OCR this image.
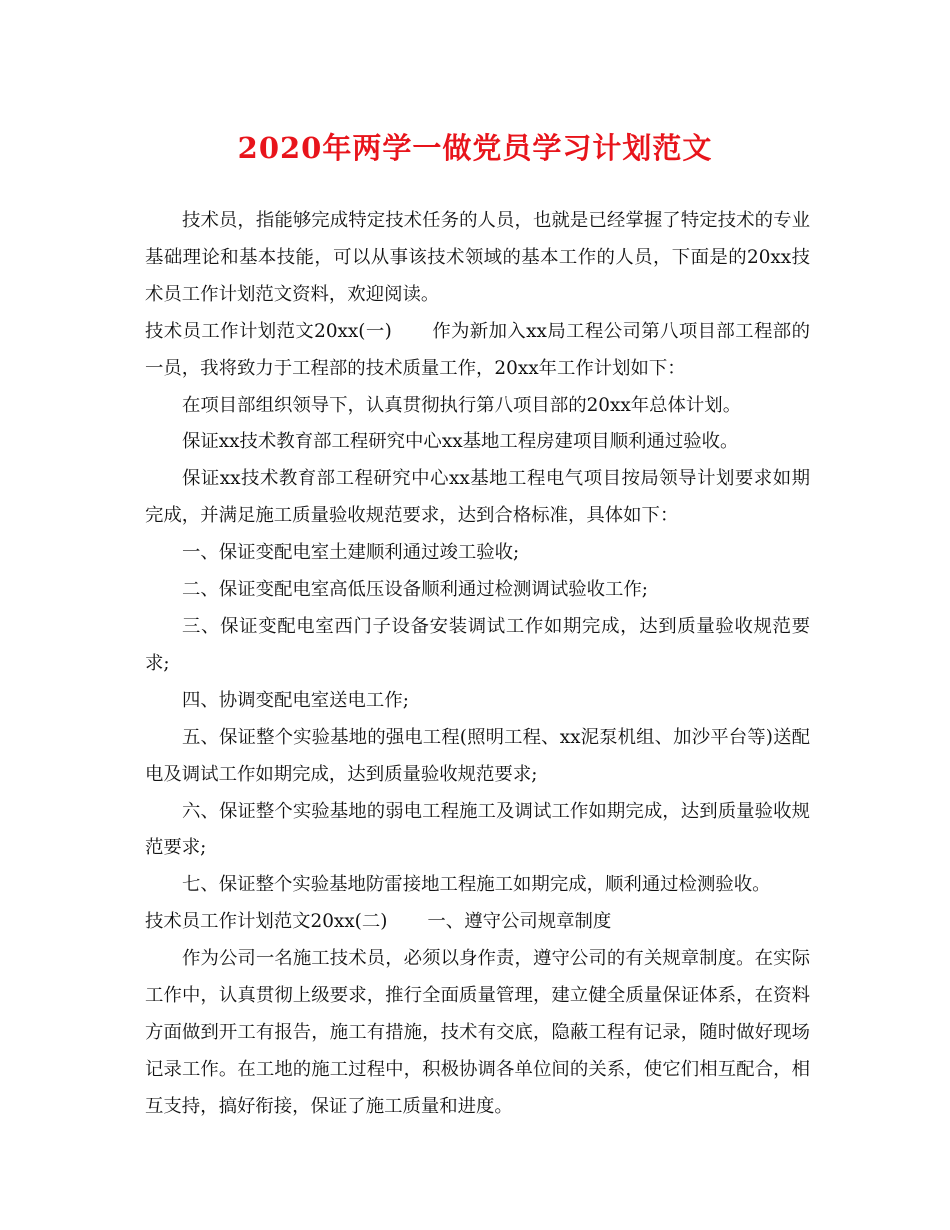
2020年两学一做党员学习计划范文

技术员，指能够完成特定技术任务的人员，也就是已经掌握了特定技术的专业基础理论和基本技能，可以从事该技术领域的基本工作的人员，下面是的20xx技术员工作计划范文资料，欢迎阅读。

技术员工作计划范文20xx(一) 作为新加入xx局工程公司第八项目部工程部的一员，我将致力于工程部的技术质量工作，20xx年工作计划如下：

在项目部组织领导下，认真贯彻执行第八项目部的20xx年总体计划。

保证xx技术教育部工程研究中心xx基地工程房建项目顺利通过验收。

保证xx技术教育部工程研究中心xx基地工程电气项目按局领导计划要求如期完成，并满足施工质量验收规范要求，达到合格标准，具体如下：

一、保证变配电室土建顺利通过竣工验收;

二、保证变配电室高低压设备顺利通过检测调试验收工作;

三、保证变配电室西门子设备安装调试工作如期完成，达到质量验收规范要求;

四、协调变配电室送电工作;

五、保证整个实验基地的强电工程(照明工程、xx泥泵机组、加沙平台等)送配电及调试工作如期完成，达到质量验收规范要求;

六、保证整个实验基地的弱电工程施工及调试工作如期完成，达到质量验收规范要求;

七、保证整个实验基地防雷接地工程施工如期完成，顺利通过检测验收。

技术员工作计划范文20xx(二) 一、遵守公司规章制度

作为公司一名施工技术员，必须以身作责，遵守公司的有关规章制度。在实际工作中，认真贯彻上级要求，推行全面质量管理，建立健全质量保证体系，在资料方面做到开工有报告，施工有措施，技术有交底，隐蔽工程有记录，随时做好现场记录工作。在工地的施工过程中，积极协调各单位间的关系，使它们相互配合，相互支持，搞好衔接，保证了施工质量和进度。
